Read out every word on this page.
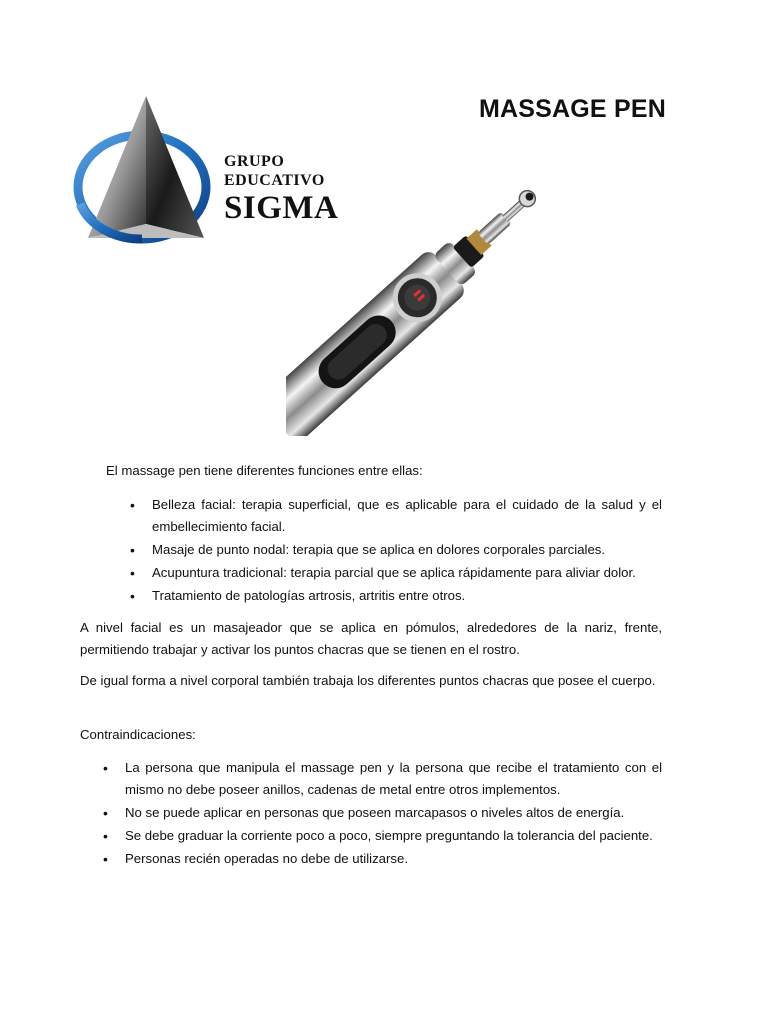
GRUPO
EDUCATIVO
SIGMA
MASSAGE PEN
El massage pen tiene diferentes funciones entre ellas:
• Belleza facial: terapia superficial, que es aplicable para el cuidado de la salud y el embellecimiento facial.
• Masaje de punto nodal: terapia que se aplica en dolores corporales parciales.
• Acupuntura tradicional: terapia parcial que se aplica rápidamente para aliviar dolor.
• Tratamiento de patologías artrosis, artritis entre otros.
A nivel facial es un masajeador que se aplica en pómulos, alrededores de la nariz, frente, permitiendo trabajar y activar los puntos chacras que se tienen en el rostro.
De igual forma a nivel corporal también trabaja los diferentes puntos chacras que posee el cuerpo.
Contraindicaciones:
• La persona que manipula el massage pen y la persona que recibe el tratamiento con el mismo no debe poseer anillos, cadenas de metal entre otros implementos.
• No se puede aplicar en personas que poseen marcapasos o niveles altos de energía.
• Se debe graduar la corriente poco a poco, siempre preguntando la tolerancia del paciente.
• Personas recién operadas no debe de utilizarse.
